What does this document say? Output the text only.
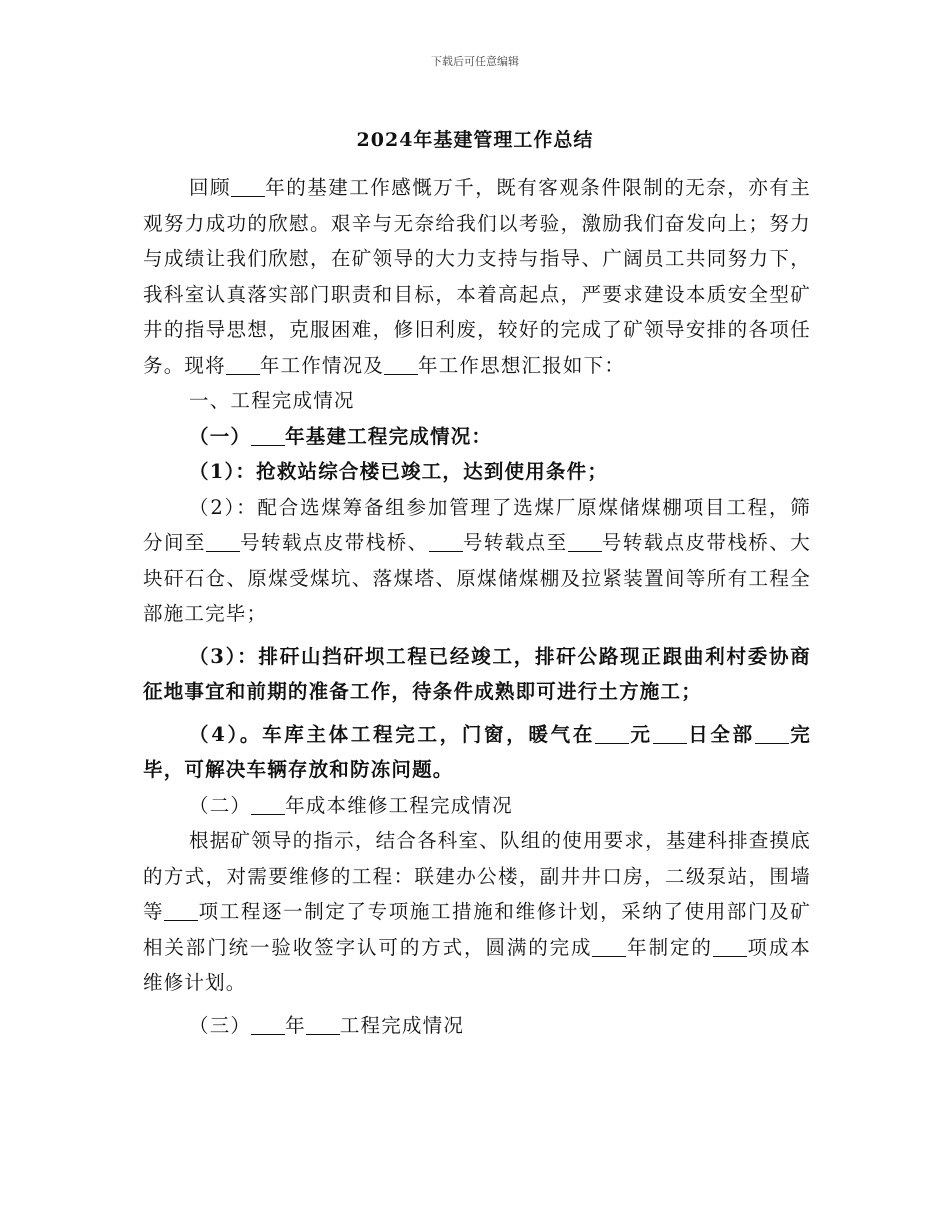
下载后可任意编辑
2024年基建管理工作总结

回顾 年的基建工作感慨万千，既有客观条件限制的无奈，亦有主观努力成功的欣慰。艰辛与无奈给我们以考验，激励我们奋发向上；努力与成绩让我们欣慰，在矿领导的大力支持与指导、广阔员工共同努力下，我科室认真落实部门职责和目标，本着高起点，严要求建设本质安全型矿井的指导思想，克服困难，修旧利废，较好的完成了矿领导安排的各项任务。现将 年工作情况及 年工作思想汇报如下：

一、工程完成情况

（一） 年基建工程完成情况：

（1）：抢救站综合楼已竣工，达到使用条件；

（2）：配合选煤筹备组参加管理了选煤厂原煤储煤棚项目工程，筛分间至 号转载点皮带栈桥、 号转载点至 号转载点皮带栈桥、大块矸石仓、原煤受煤坑、落煤塔、原煤储煤棚及拉紧装置间等所有工程全部施工完毕；

（3）：排矸山挡矸坝工程已经竣工，排矸公路现正跟曲利村委协商征地事宜和前期的准备工作，待条件成熟即可进行土方施工；

（4）。车库主体工程完工，门窗，暖气在 元 日全部 完毕，可解决车辆存放和防冻问题。

（二） 年成本维修工程完成情况

根据矿领导的指示，结合各科室、队组的使用要求，基建科排查摸底的方式，对需要维修的工程：联建办公楼，副井井口房，二级泵站，围墙等 项工程逐一制定了专项施工措施和维修计划，采纳了使用部门及矿相关部门统一验收签字认可的方式，圆满的完成 年制定的 项成本维修计划。

（三） 年 工程完成情况
